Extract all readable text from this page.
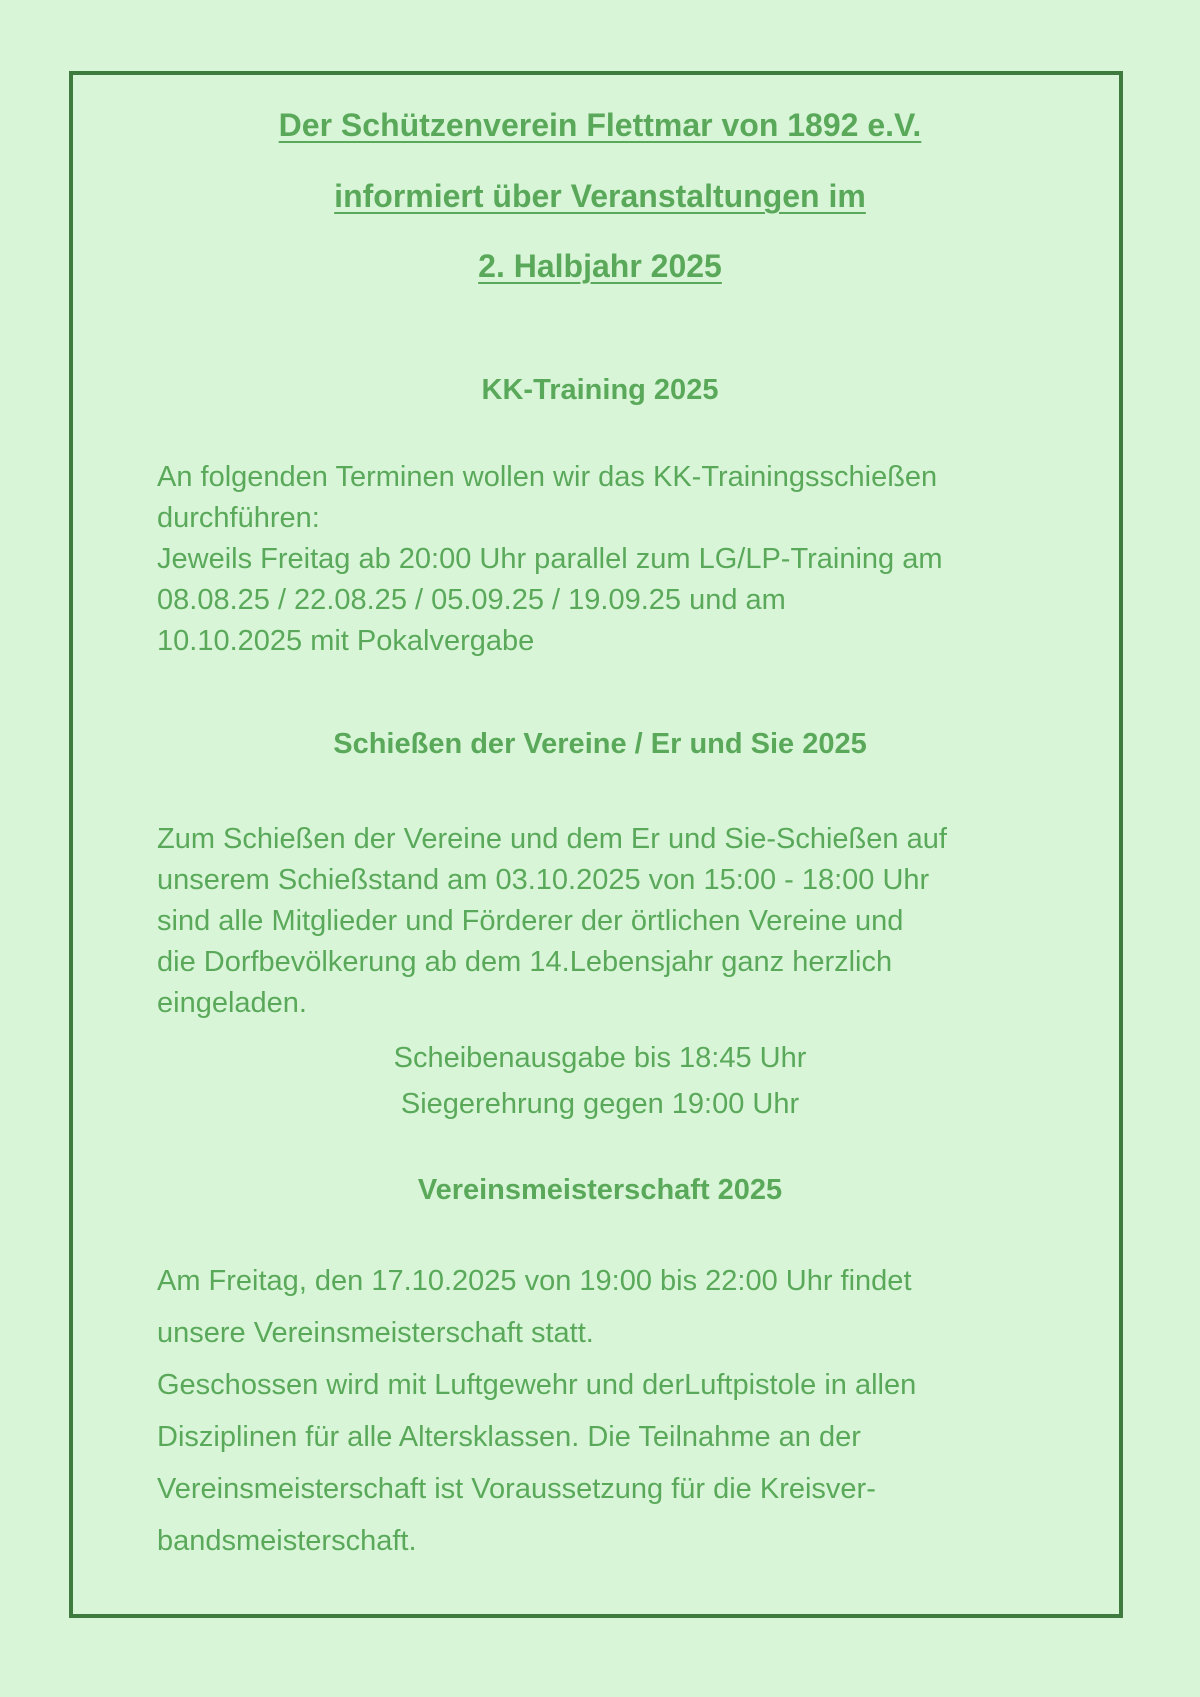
Der Schützenverein Flettmar von 1892 e.V.
informiert über Veranstaltungen im
2. Halbjahr 2025
KK-Training 2025
An folgenden Terminen wollen wir das KK-Trainingsschießen
durchführen:
Jeweils Freitag ab 20:00 Uhr parallel zum LG/LP-Training am
08.08.25 / 22.08.25 / 05.09.25 / 19.09.25 und am
10.10.2025 mit Pokalvergabe
Schießen der Vereine / Er und Sie 2025
Zum Schießen der Vereine und dem Er und Sie-Schießen auf
unserem Schießstand am 03.10.2025 von 15:00 - 18:00 Uhr
sind alle Mitglieder und Förderer der örtlichen Vereine und
die Dorfbevölkerung ab dem 14.Lebensjahr ganz herzlich
eingeladen.
Scheibenausgabe bis 18:45 Uhr
Siegerehrung gegen 19:00 Uhr
Vereinsmeisterschaft 2025
Am Freitag, den 17.10.2025 von 19:00 bis 22:00 Uhr findet
unsere Vereinsmeisterschaft statt.
Geschossen wird mit Luftgewehr und derLuftpistole in allen
Disziplinen für alle Altersklassen. Die Teilnahme an der
Vereinsmeisterschaft ist Voraussetzung für die Kreisver-
bandsmeisterschaft.
